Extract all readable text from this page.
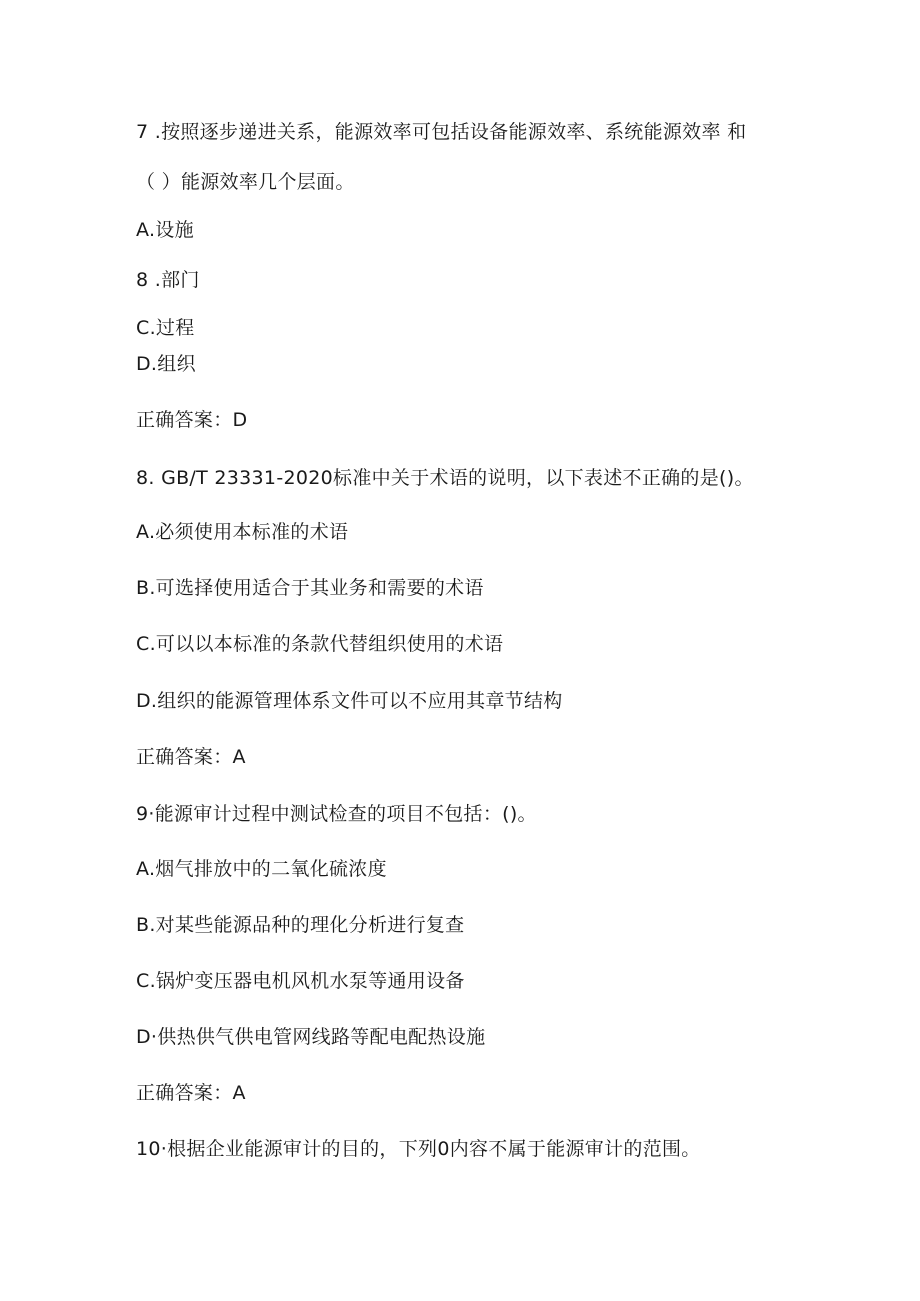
7 .按照逐步递进关系，能源效率可包括设备能源效率、系统能源效率 和
（ ）能源效率几个层面。
A.设施
8 .部门
C.过程
D.组织
正确答案：D
8. GB/T 23331-2020标准中关于术语的说明，以下表述不正确的是()。
A.必须使用本标准的术语
B.可选择使用适合于其业务和需要的术语
C.可以以本标准的条款代替组织使用的术语
D.组织的能源管理体系文件可以不应用其章节结构
正确答案：A
9·能源审计过程中测试检查的项目不包括：()。
A.烟气排放中的二氧化硫浓度
B.对某些能源品种的理化分析进行复查
C.锅炉变压器电机风机水泵等通用设备
D·供热供气供电管网线路等配电配热设施
正确答案：A
10·根据企业能源审计的目的，下列0内容不属于能源审计的范围。
